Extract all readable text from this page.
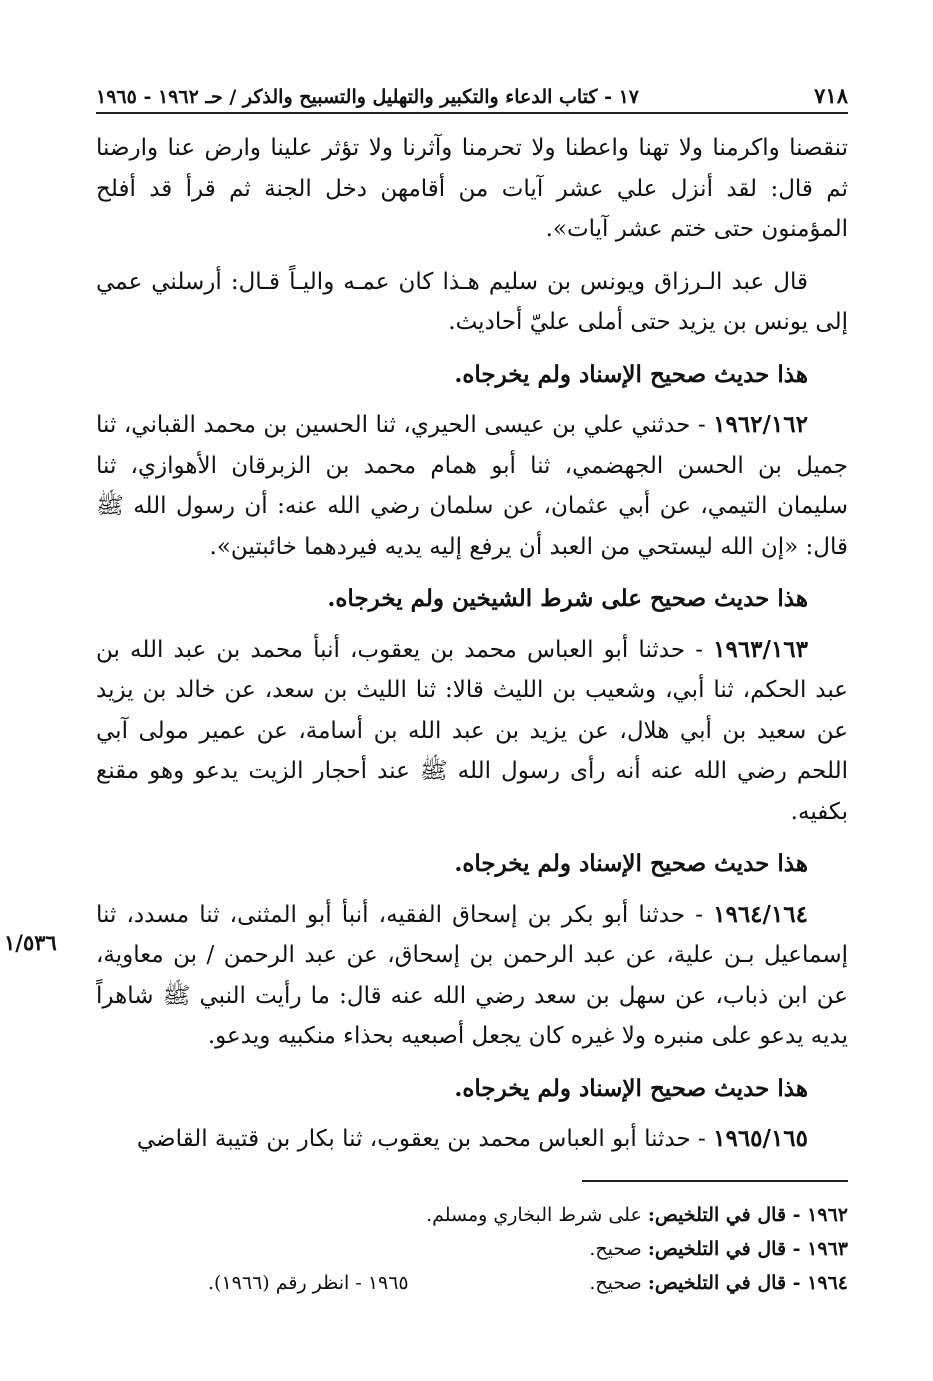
٧١٨
١٧ - كتاب الدعاء والتكبير والتهليل والتسبيح والذكر / حـ ١٩٦٢ - ١٩٦٥

تنقصنا واكرمنا ولا تهنا واعطنا ولا تحرمنا وآثرنا ولا تؤثر علينا وارض عنا وارضنا ثم قال: لقد أنزل علي عشر آيات من أقامهن دخل الجنة ثم قرأ قد أفلح المؤمنون حتى ختم عشر آيات».

قال عبد الـرزاق ويونس بن سليم هـذا كان عمـه واليـاً قـال: أرسلني عمي إلى يونس بن يزيد حتى أملى عليّ أحاديث.

هذا حديث صحيح الإسناد ولم يخرجاه.

١٩٦٢/١٦٢ - حدثني علي بن عيسى الحيري، ثنا الحسين بن محمد القباني، ثنا جميل بن الحسن الجهضمي، ثنا أبو همام محمد بن الزبرقان الأهوازي، ثنا سليمان التيمي، عن أبي عثمان، عن سلمان رضي الله عنه: أن رسول الله ﷺ قال: «إن الله ليستحي من العبد أن يرفع إليه يديه فيردهما خائبتين».

هذا حديث صحيح على شرط الشيخين ولم يخرجاه.

١٩٦٣/١٦٣ - حدثنا أبو العباس محمد بن يعقوب، أنبأ محمد بن عبد الله بن عبد الحكم، ثنا أبي، وشعيب بن الليث قالا: ثنا الليث بن سعد، عن خالد بن يزيد عن سعيد بن أبي هلال، عن يزيد بن عبد الله بن أسامة، عن عمير مولى آبي اللحم رضي الله عنه أنه رأى رسول الله ﷺ عند أحجار الزيت يدعو وهو مقنع بكفيه.

هذا حديث صحيح الإسناد ولم يخرجاه.

١٩٦٤/١٦٤ - حدثنا أبو بكر بن إسحاق الفقيه، أنبأ أبو المثنى، ثنا مسدد، ثنا إسماعيل بـن علية، عن عبد الرحمن بن إسحاق، عن عبد الرحمن / بن معاوية، عن ابن ذباب، عن سهل بن سعد رضي الله عنه قال: ما رأيت النبي ﷺ شاهراً يديه يدعو على منبره ولا غيره كان يجعل أصبعيه بحذاء منكبيه ويدعو.

هذا حديث صحيح الإسناد ولم يخرجاه.

١٩٦٥/١٦٥ - حدثنا أبو العباس محمد بن يعقوب، ثنا بكار بن قتيبة القاضي

١/٥٣٦
١٩٦٢ - قال في التلخيص: على شرط البخاري ومسلم.
١٩٦٣ - قال في التلخيص: صحيح.
١٩٦٤ - قال في التلخيص: صحيح.
١٩٦٥ - انظر رقم (١٩٦٦).
